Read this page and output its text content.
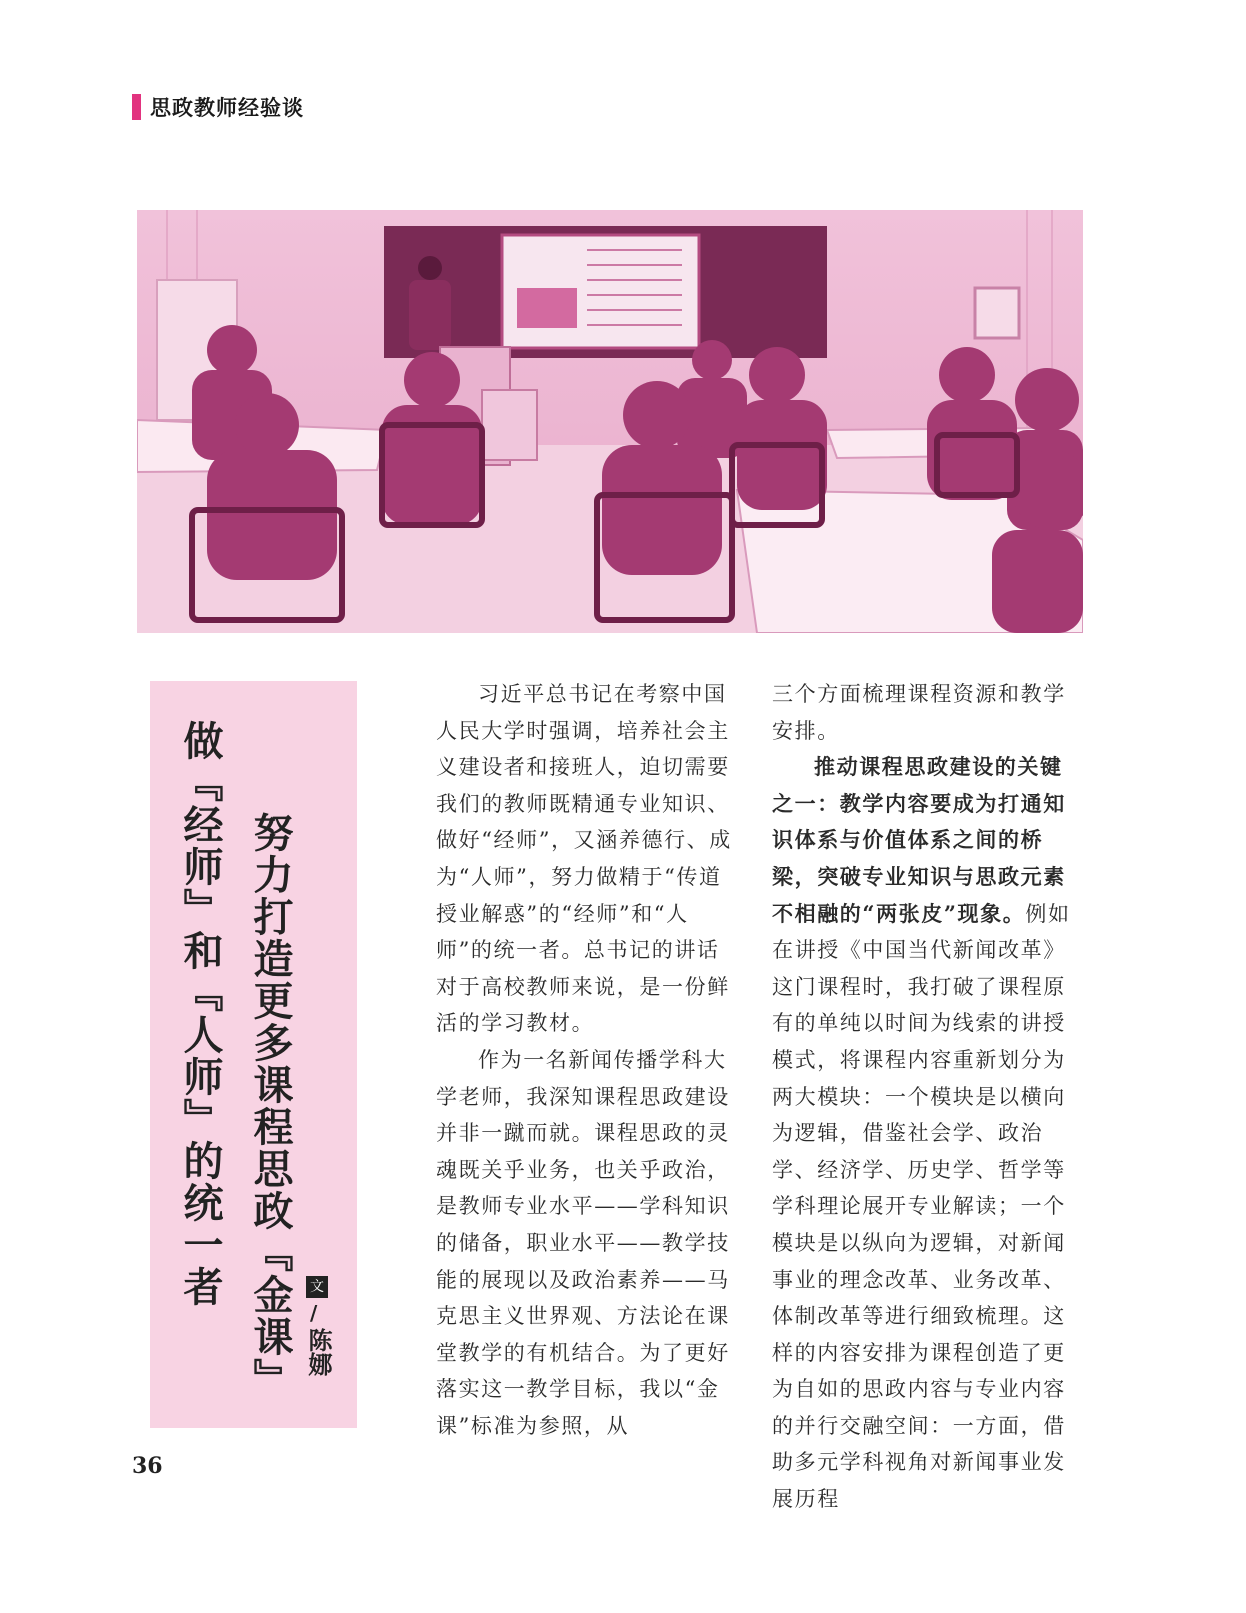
思政教师经验谈
做『经师』和『人师』的统一者 努力打造更多课程思政『金课』 文
/
陈娜

习近平总书记在考察中国人民大学时强调，培养社会主义建设者和接班人，迫切需要我们的教师既精通专业知识、做好“经师”，又涵养德行、成为“人师”，努力做精于“传道授业解惑”的“经师”和“人师”的统一者。总书记的讲话对于高校教师来说，是一份鲜活的学习教材。

作为一名新闻传播学科大学老师，我深知课程思政建设并非一蹴而就。课程思政的灵魂既关乎业务，也关乎政治，是教师专业水平——学科知识的储备，职业水平——教学技能的展现以及政治素养——马克思主义世界观、方法论在课堂教学的有机结合。为了更好落实这一教学目标，我以“金课”标准为参照，从

三个方面梳理课程资源和教学安排。

推动课程思政建设的关键之一：教学内容要成为打通知识体系与价值体系之间的桥梁，突破专业知识与思政元素不相融的“两张皮”现象。例如在讲授《中国当代新闻改革》这门课程时，我打破了课程原有的单纯以时间为线索的讲授模式，将课程内容重新划分为两大模块：一个模块是以横向为逻辑，借鉴社会学、政治学、经济学、历史学、哲学等学科理论展开专业解读；一个模块是以纵向为逻辑，对新闻事业的理念改革、业务改革、体制改革等进行细致梳理。这样的内容安排为课程创造了更为自如的思政内容与专业内容的并行交融空间：一方面，借助多元学科视角对新闻事业发展历程

36
